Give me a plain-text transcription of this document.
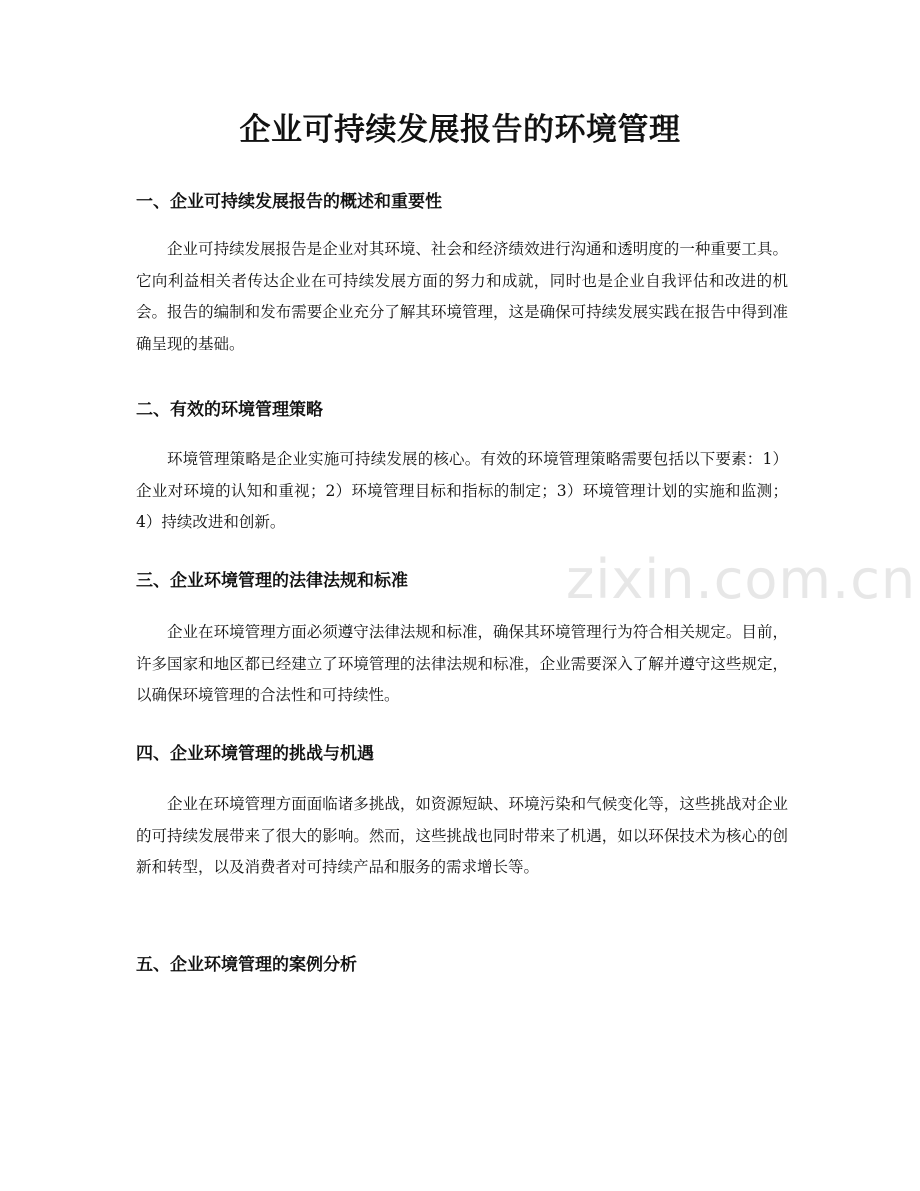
企业可持续发展报告的环境管理
一、企业可持续发展报告的概述和重要性

企业可持续发展报告是企业对其环境、社会和经济绩效进行沟通和透明度的一种重要工具。它向利益相关者传达企业在可持续发展方面的努力和成就，同时也是企业自我评估和改进的机会。报告的编制和发布需要企业充分了解其环境管理，这是确保可持续发展实践在报告中得到准确呈现的基础。

二、有效的环境管理策略

环境管理策略是企业实施可持续发展的核心。有效的环境管理策略需要包括以下要素：1）企业对环境的认知和重视；2）环境管理目标和指标的制定；3）环境管理计划的实施和监测；4）持续改进和创新。

三、企业环境管理的法律法规和标准

企业在环境管理方面必须遵守法律法规和标准，确保其环境管理行为符合相关规定。目前，许多国家和地区都已经建立了环境管理的法律法规和标准，企业需要深入了解并遵守这些规定，以确保环境管理的合法性和可持续性。

四、企业环境管理的挑战与机遇

企业在环境管理方面面临诸多挑战，如资源短缺、环境污染和气候变化等，这些挑战对企业的可持续发展带来了很大的影响。然而，这些挑战也同时带来了机遇，如以环保技术为核心的创新和转型，以及消费者对可持续产品和服务的需求增长等。

五、企业环境管理的案例分析
zixin.com.cn
